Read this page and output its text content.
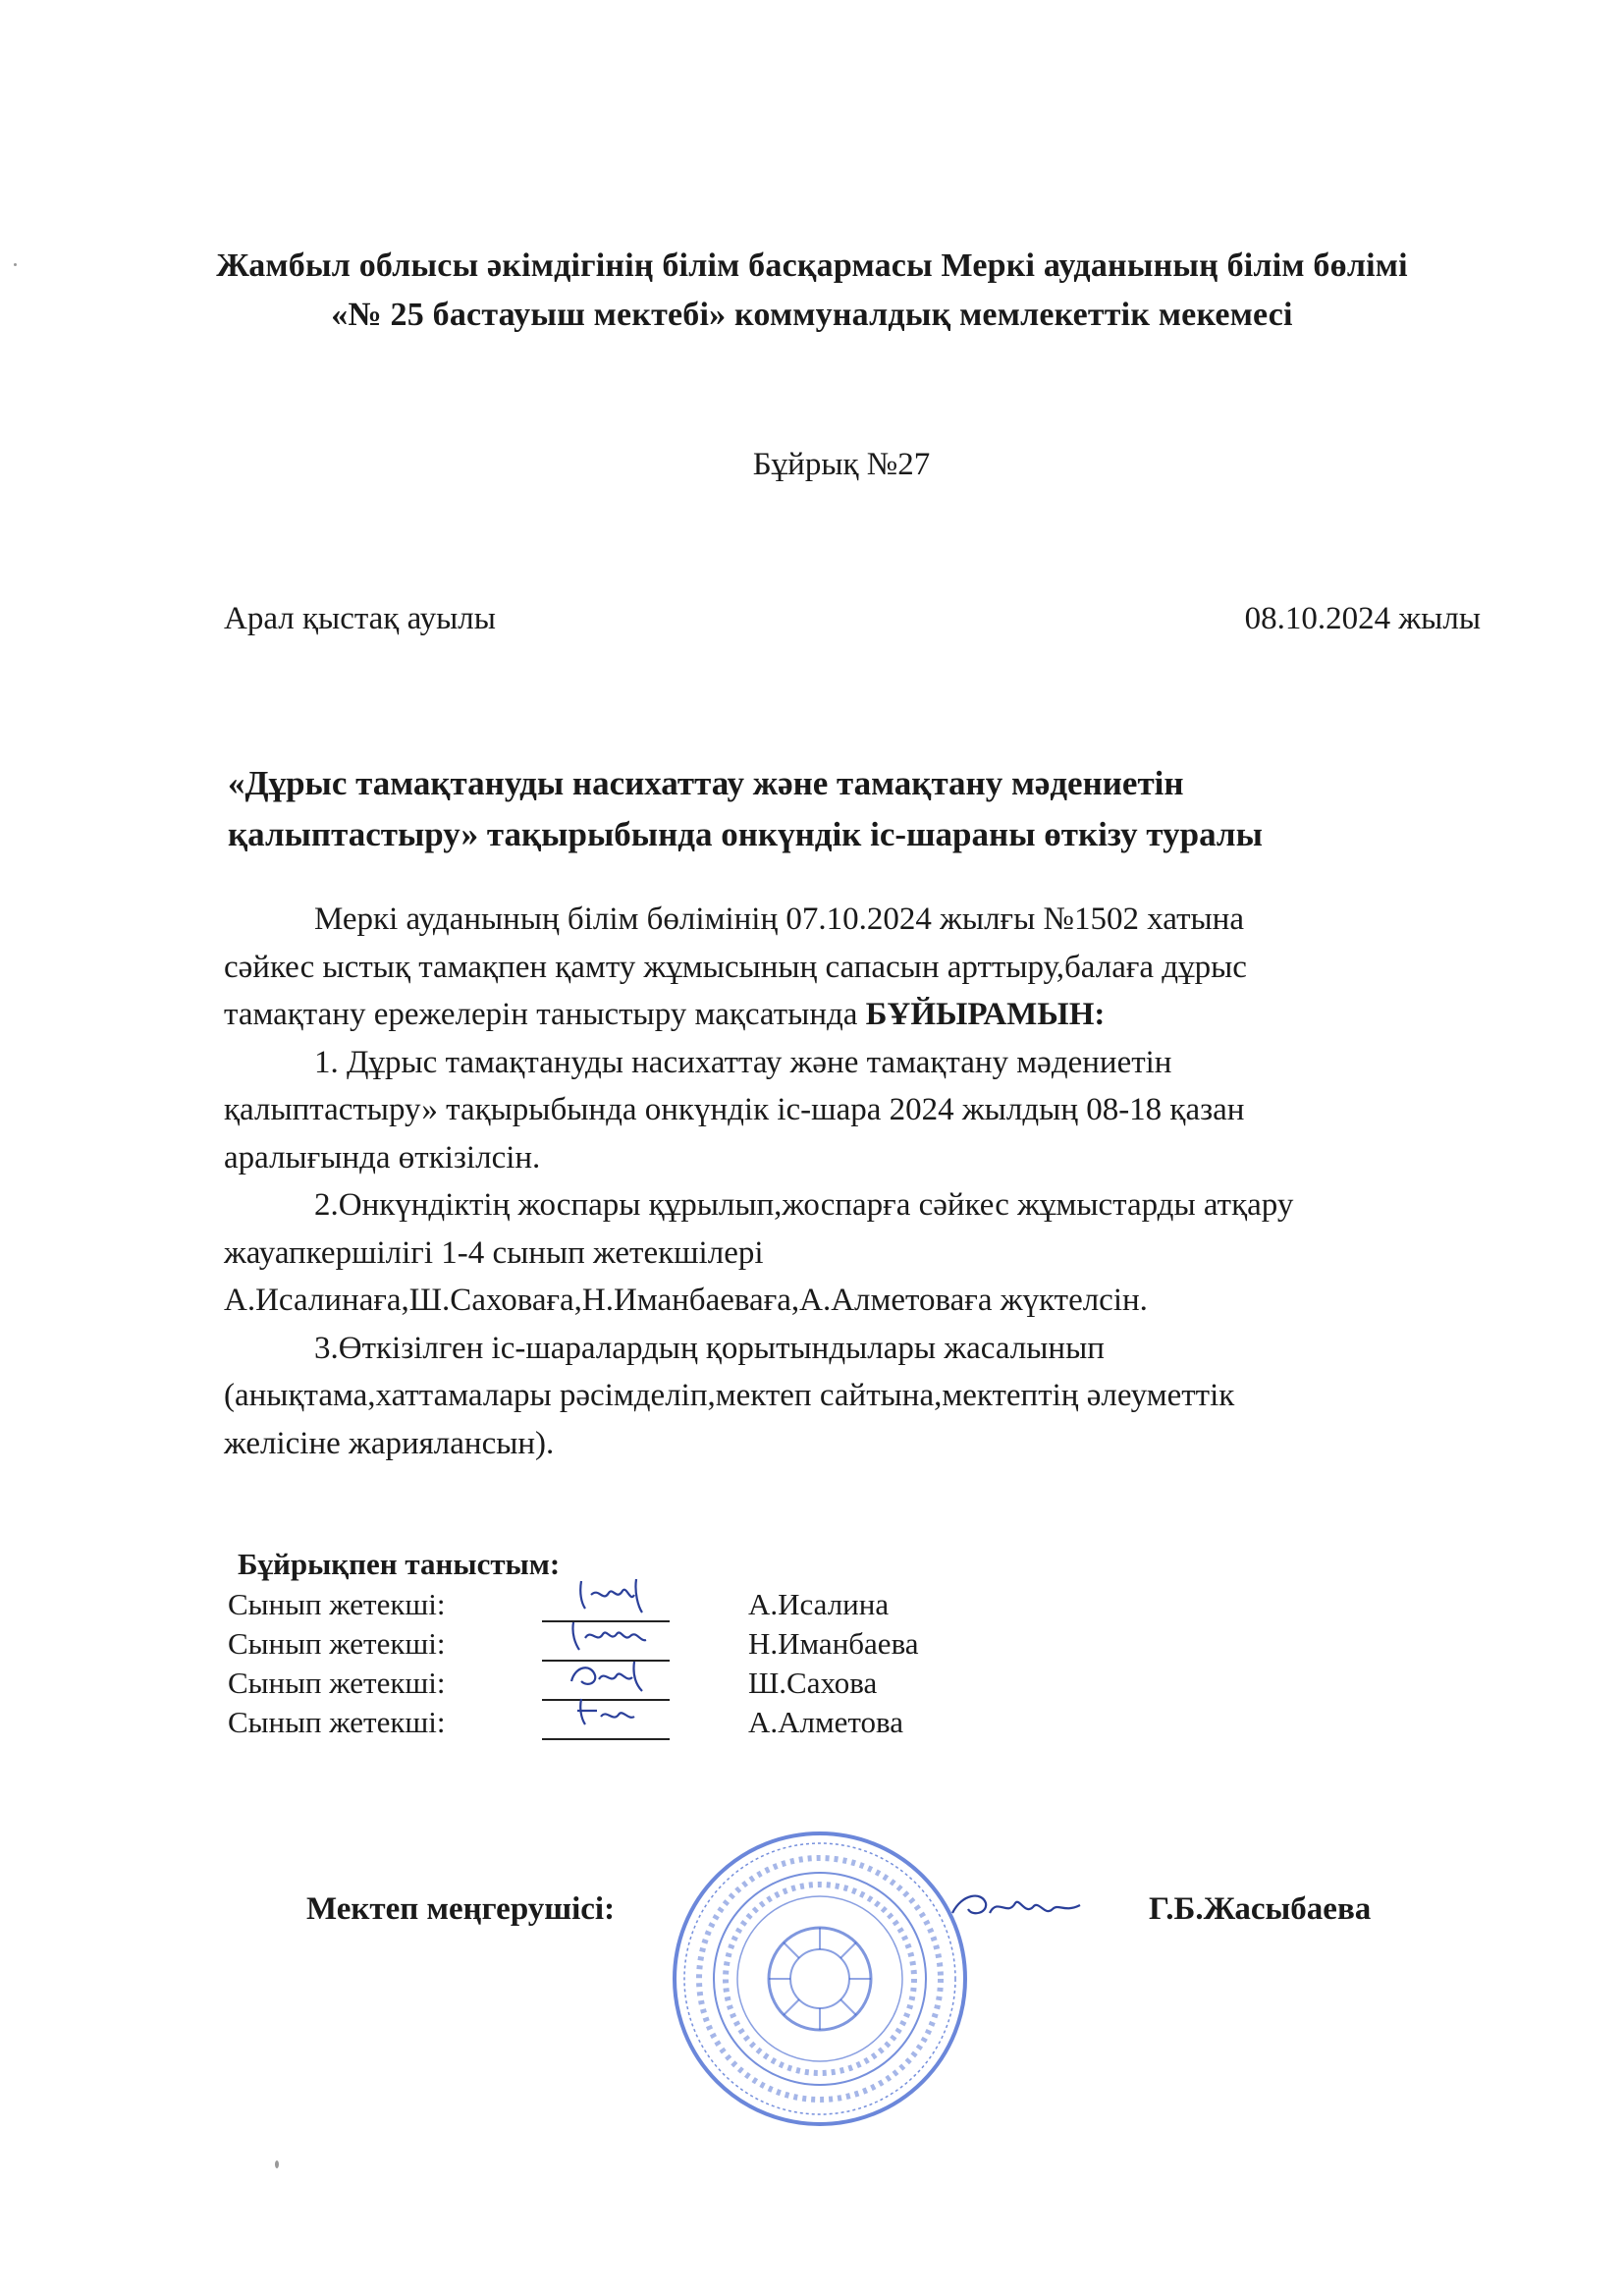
Жамбыл облысы әкімдігінің білім басқармасы Меркі ауданының білім бөлімі
«№ 25 бастауыш мектебі» коммуналдық мемлекеттік мекемесі
Бұйрық №27
Арал қыстақ ауылы	08.10.2024 жылы
«Дұрыс тамақтануды насихаттау және тамақтану мәдениетін
қалыптастыру» тақырыбында онкүндік іс-шараны өткізу туралы

Меркі ауданының білім бөлімінің 07.10.2024 жылғы №1502 хатына

сәйкес ыстық тамақпен қамту жұмысының сапасын арттыру,балаға дұрыс

тамақтану ережелерін таныстыру мақсатында БҰЙЫРАМЫН:

1. Дұрыс тамақтануды насихаттау және тамақтану мәдениетін

қалыптастыру» тақырыбында онкүндік іс-шара 2024 жылдың 08-18 қазан

аралығында өткізілсін.

2.Онкүндіктің жоспары құрылып,жоспарға сәйкес жұмыстарды атқару

жауапкершілігі 1-4 сынып жетекшілері

А.Исалинаға,Ш.Саховаға,Н.Иманбаеваға,А.Алметоваға жүктелсін.

3.Өткізілген іс-шаралардың қорытындылары жасалынып

(анықтама,хаттамалары рәсімделіп,мектеп сайтына,мектептің әлеуметтік

желісіне жариялансын).

Бұйрықпен таныстым:
Сынып жетекші:	А.Исалина
Сынып жетекші:	Н.Иманбаева
Сынып жетекші:	Ш.Сахова
Сынып жетекші:	А.Алметова
Мектеп меңгерушісі:	Г.Б.Жасыбаева
